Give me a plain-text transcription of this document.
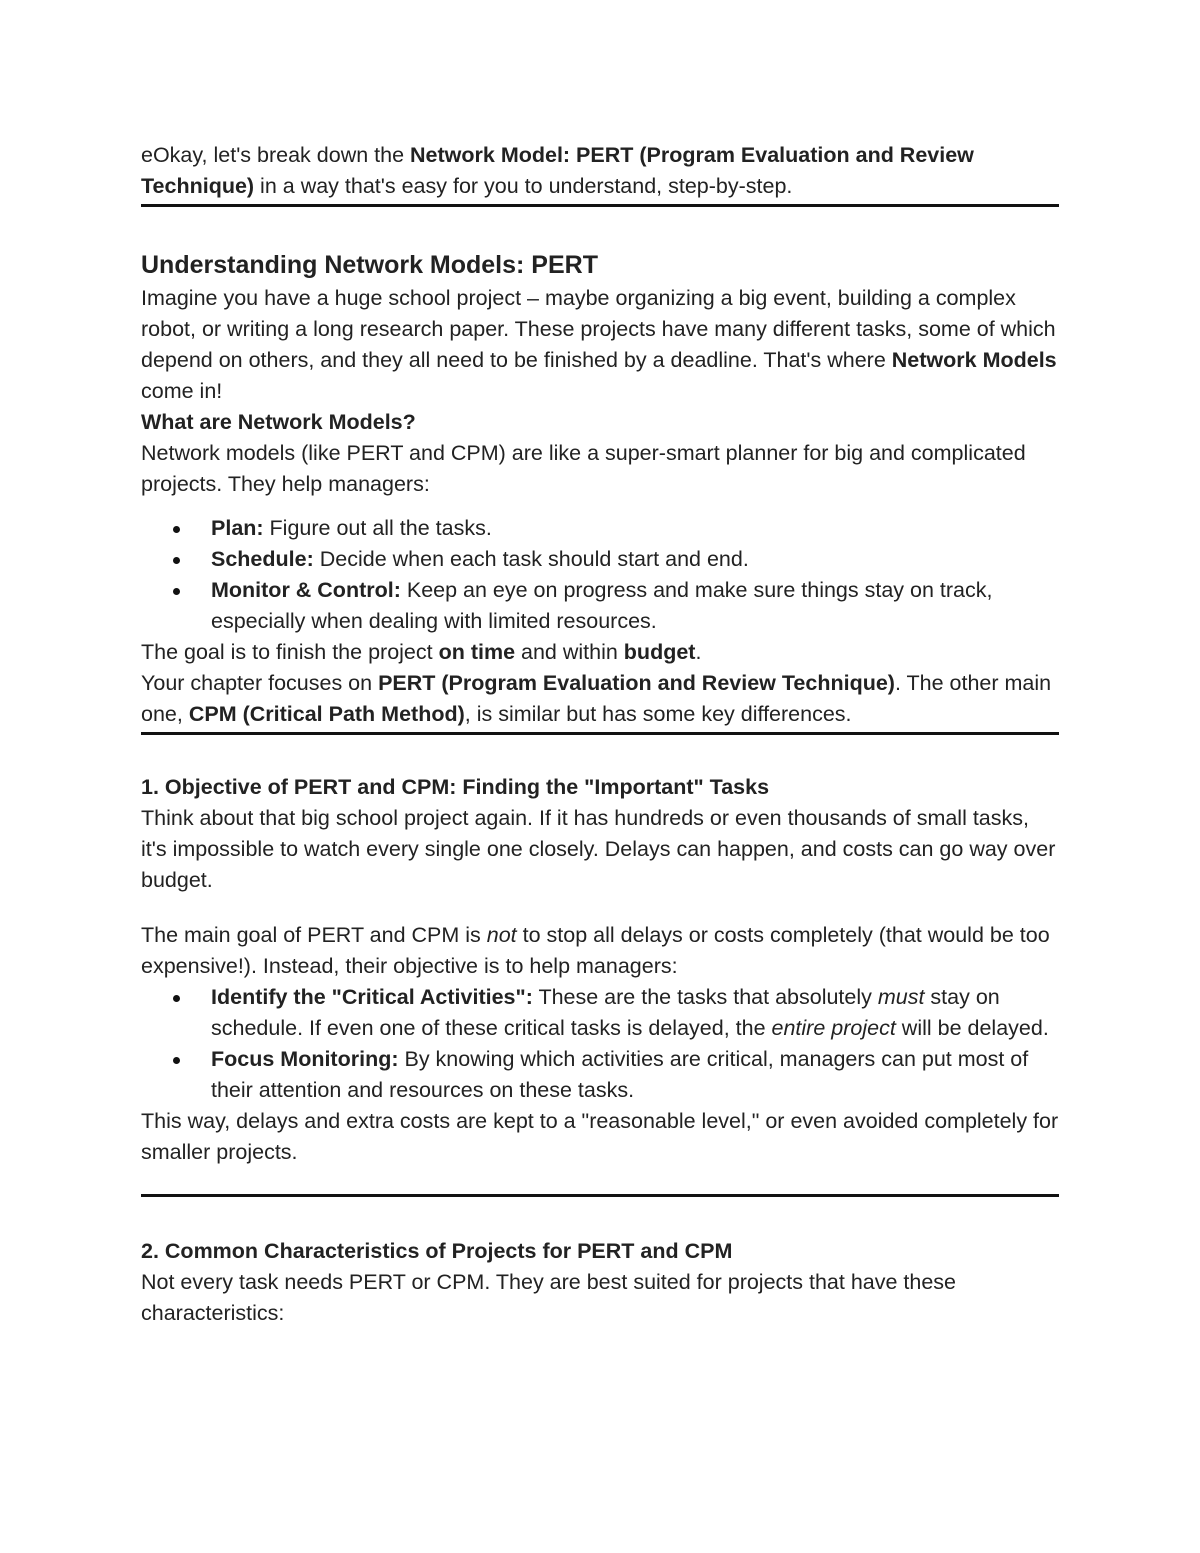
eOkay, let's break down the Network Model: PERT (Program Evaluation and Review Technique) in a way that's easy for you to understand, step-by-step.

Understanding Network Models: PERT

Imagine you have a huge school project – maybe organizing a big event, building a complex robot, or writing a long research paper. These projects have many different tasks, some of which depend on others, and they all need to be finished by a deadline. That's where Network Models come in!

What are Network Models?

Network models (like PERT and CPM) are like a super-smart planner for big and complicated projects. They help managers:

Plan: Figure out all the tasks.
Schedule: Decide when each task should start and end.
Monitor & Control: Keep an eye on progress and make sure things stay on track, especially when dealing with limited resources.

The goal is to finish the project on time and within budget.

Your chapter focuses on PERT (Program Evaluation and Review Technique). The other main one, CPM (Critical Path Method), is similar but has some key differences.

1. Objective of PERT and CPM: Finding the "Important" Tasks

Think about that big school project again. If it has hundreds or even thousands of small tasks, it's impossible to watch every single one closely. Delays can happen, and costs can go way over budget.

The main goal of PERT and CPM is not to stop all delays or costs completely (that would be too expensive!). Instead, their objective is to help managers:

Identify the "Critical Activities": These are the tasks that absolutely must stay on schedule. If even one of these critical tasks is delayed, the entire project will be delayed.
Focus Monitoring: By knowing which activities are critical, managers can put most of their attention and resources on these tasks.

This way, delays and extra costs are kept to a "reasonable level," or even avoided completely for smaller projects.

2. Common Characteristics of Projects for PERT and CPM

Not every task needs PERT or CPM. They are best suited for projects that have these characteristics:
